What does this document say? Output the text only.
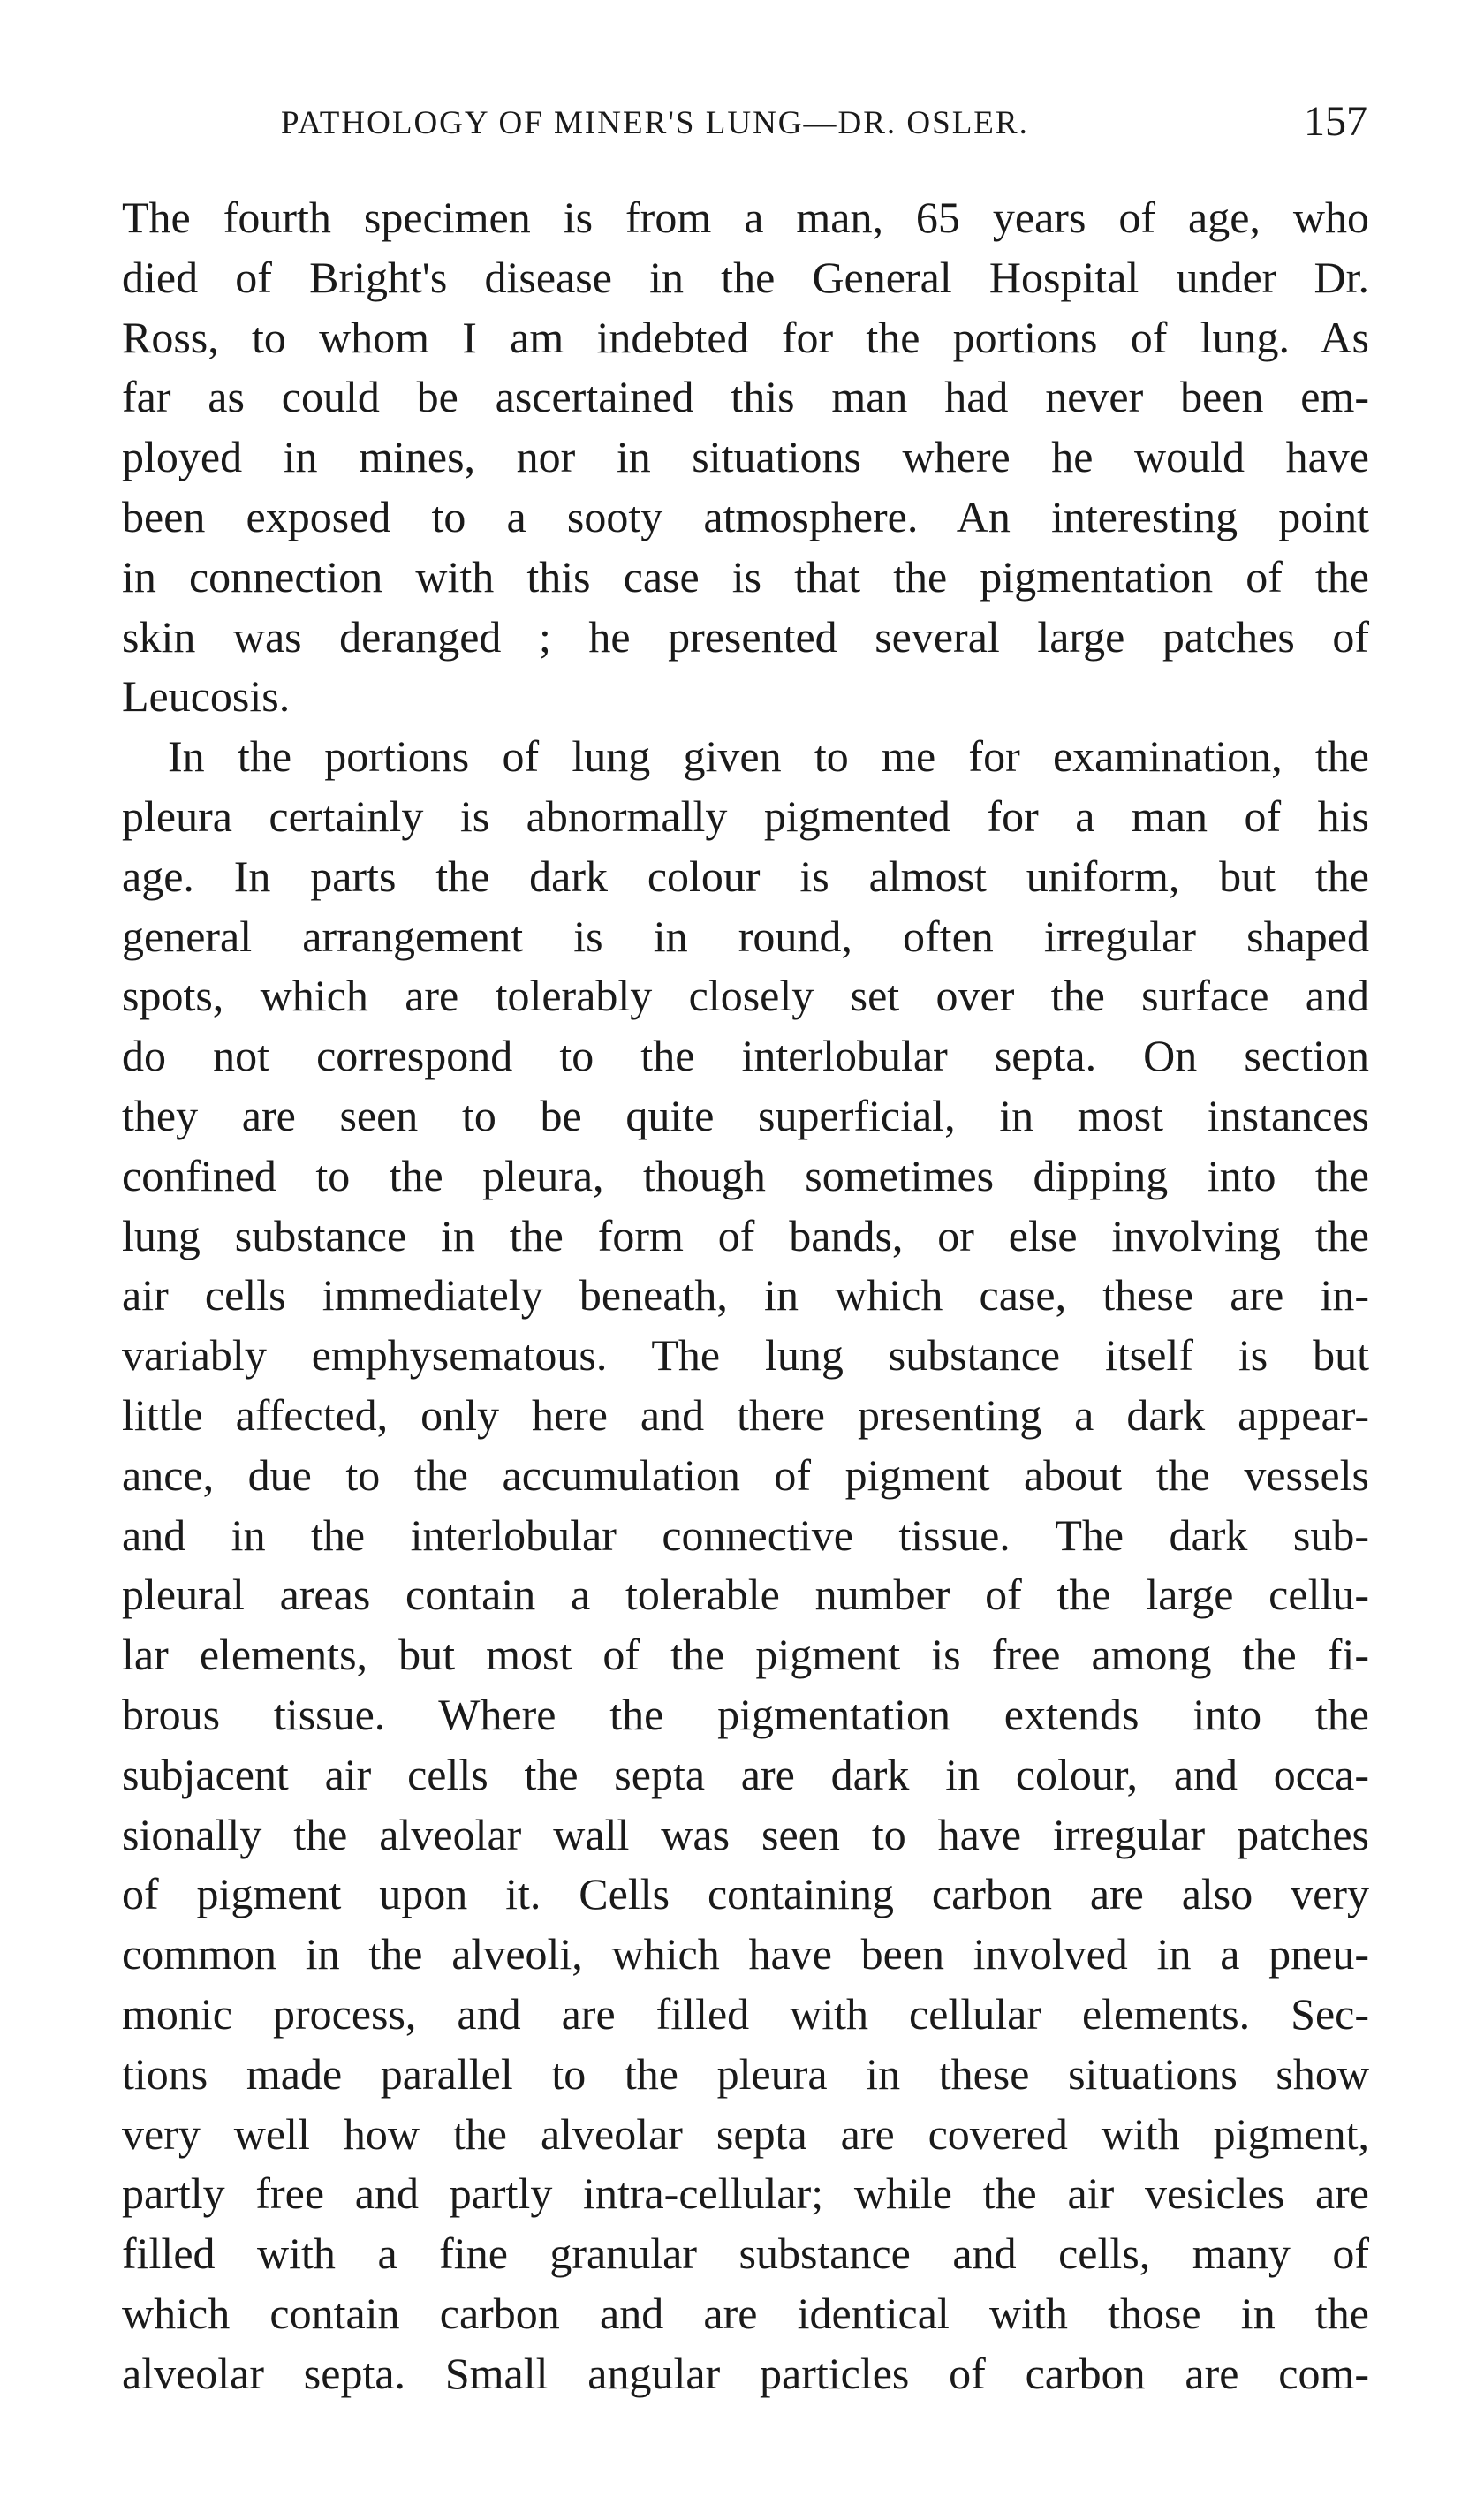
PATHOLOGY OF MINER'S LUNG—DR. OSLER.	157
The fourth specimen is from a man, 65 years of age, who
died of Bright's disease in the General Hospital under Dr.
Ross, to whom I am indebted for the portions of lung. As
far as could be ascertained this man had never been em-
ployed in mines, nor in situations where he would have
been exposed to a sooty atmosphere. An interesting point
in connection with this case is that the pigmentation of the
skin was deranged ; he presented several large patches of
Leucosis.
In the portions of lung given to me for examination, the
pleura certainly is abnormally pigmented for a man of his
age. In parts the dark colour is almost uniform, but the
general arrangement is in round, often irregular shaped
spots, which are tolerably closely set over the surface and
do not correspond to the interlobular septa. On section
they are seen to be quite superficial, in most instances
confined to the pleura, though sometimes dipping into the
lung substance in the form of bands, or else involving the
air cells immediately beneath, in which case, these are in-
variably emphysematous. The lung substance itself is but
little affected, only here and there presenting a dark appear-
ance, due to the accumulation of pigment about the vessels
and in the interlobular connective tissue. The dark sub-
pleural areas contain a tolerable number of the large cellu-
lar elements, but most of the pigment is free among the fi-
brous tissue. Where the pigmentation extends into the
subjacent air cells the septa are dark in colour, and occa-
sionally the alveolar wall was seen to have irregular patches
of pigment upon it. Cells containing carbon are also very
common in the alveoli, which have been involved in a pneu-
monic process, and are filled with cellular elements. Sec-
tions made parallel to the pleura in these situations show
very well how the alveolar septa are covered with pigment,
partly free and partly intra-cellular; while the air vesicles are
filled with a fine granular substance and cells, many of
which contain carbon and are identical with those in the
alveolar septa. Small angular particles of carbon are com-
